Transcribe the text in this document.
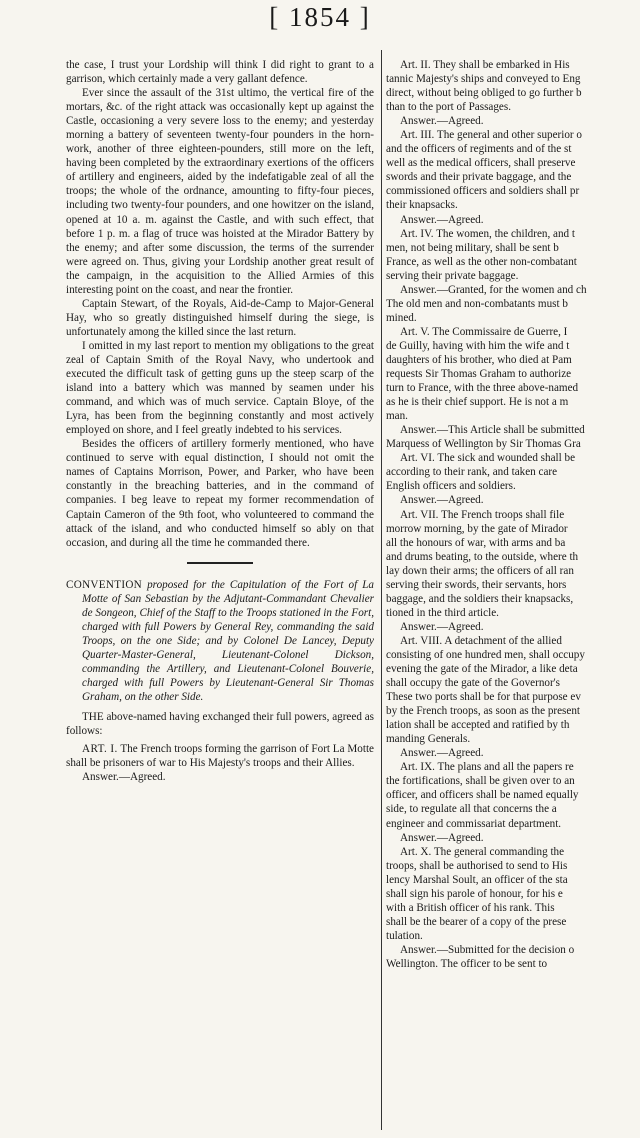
[ 1854 ]

the case, I trust your Lordship will think I did right to grant to a garrison, which certainly made a very gallant defence.

Ever since the assault of the 31st ultimo, the vertical fire of the mortars, &c. of the right attack was occasionally kept up against the Castle, occasioning a very severe loss to the enemy; and yesterday morning a battery of seventeen twenty-four pounders in the horn-work, another of three eighteen-pounders, still more on the left, having been completed by the extraordinary exertions of the officers of artillery and engineers, aided by the indefatigable zeal of all the troops; the whole of the ordnance, amounting to fifty-four pieces, including two twenty-four pounders, and one howitzer on the island, opened at 10 a. m. against the Castle, and with such effect, that before 1 p. m. a flag of truce was hoisted at the Mirador Battery by the enemy; and after some discussion, the terms of the surrender were agreed on. Thus, giving your Lordship another great result of the campaign, in the acquisition to the Allied Armies of this interesting point on the coast, and near the frontier.

Captain Stewart, of the Royals, Aid-de-Camp to Major-General Hay, who so greatly distinguished himself during the siege, is unfortunately among the killed since the last return.

I omitted in my last report to mention my obligations to the great zeal of Captain Smith of the Royal Navy, who undertook and executed the difficult task of getting guns up the steep scarp of the island into a battery which was manned by seamen under his command, and which was of much service. Captain Bloye, of the Lyra, has been from the beginning constantly and most actively employed on shore, and I feel greatly indebted to his services.

Besides the officers of artillery formerly mentioned, who have continued to serve with equal distinction, I should not omit the names of Captains Morrison, Power, and Parker, who have been constantly in the breaching batteries, and in the command of companies. I beg leave to repeat my former recommendation of Captain Cameron of the 9th foot, who volunteered to command the attack of the island, and who conducted himself so ably on that occasion, and during all the time he commanded there.

CONVENTION proposed for the Capitulation of the Fort of La Motte of San Sebastian by the Adjutant-Commandant Chevalier de Songeon, Chief of the Staff to the Troops stationed in the Fort, charged with full Powers by General Rey, commanding the said Troops, on the one Side; and by Colonel De Lancey, Deputy Quarter-Master-General, Lieutenant-Colonel Dickson, commanding the Artillery, and Lieutenant-Colonel Bouverie, charged with full Powers by Lieutenant-General Sir Thomas Graham, on the other Side.

THE above-named having exchanged their full powers, agreed as follows:

ART. I. The French troops forming the garrison of Fort La Motte shall be prisoners of war to His Majesty's troops and their Allies.

Answer.—Agreed.

Art. II. They shall be embarked in His
tannic Majesty's ships and conveyed to Eng
direct, without being obliged to go further b
than to the port of Passages.
Answer.—Agreed.
Art. III. The general and other superior o
and the officers of regiments and of the st
well as the medical officers, shall preserve
swords and their private baggage, and the
commissioned officers and soldiers shall pr
their knapsacks.
Answer.—Agreed.
Art. IV. The women, the children, and t
men, not being military, shall be sent b
France, as well as the other non-combatant
serving their private baggage.
Answer.—Granted, for the women and ch
The old men and non-combatants must b
mined.
Art. V. The Commissaire de Guerre, I
de Guilly, having with him the wife and t
daughters of his brother, who died at Pam
requests Sir Thomas Graham to authorize
turn to France, with the three above-named
as he is their chief support. He is not a m
man.
Answer.—This Article shall be submitted
Marquess of Wellington by Sir Thomas Gra
Art. VI. The sick and wounded shall be
according to their rank, and taken care
English officers and soldiers.
Answer.—Agreed.
Art. VII. The French troops shall file
morrow morning, by the gate of Mirador
all the honours of war, with arms and ba
and drums beating, to the outside, where th
lay down their arms; the officers of all ran
serving their swords, their servants, hors
baggage, and the soldiers their knapsacks,
tioned in the third article.
Answer.—Agreed.
Art. VIII. A detachment of the allied
consisting of one hundred men, shall occupy
evening the gate of the Mirador, a like deta
shall occupy the gate of the Governor's
These two ports shall be for that purpose ev
by the French troops, as soon as the present
lation shall be accepted and ratified by th
manding Generals.
Answer.—Agreed.
Art. IX. The plans and all the papers re
the fortifications, shall be given over to an
officer, and officers shall be named equally
side, to regulate all that concerns the a
engineer and commissariat department.
Answer.—Agreed.
Art. X. The general commanding the
troops, shall be authorised to send to His
lency Marshal Soult, an officer of the sta
shall sign his parole of honour, for his e
with a British officer of his rank. This
shall be the bearer of a copy of the prese
tulation.
Answer.—Submitted for the decision o
Wellington. The officer to be sent to
